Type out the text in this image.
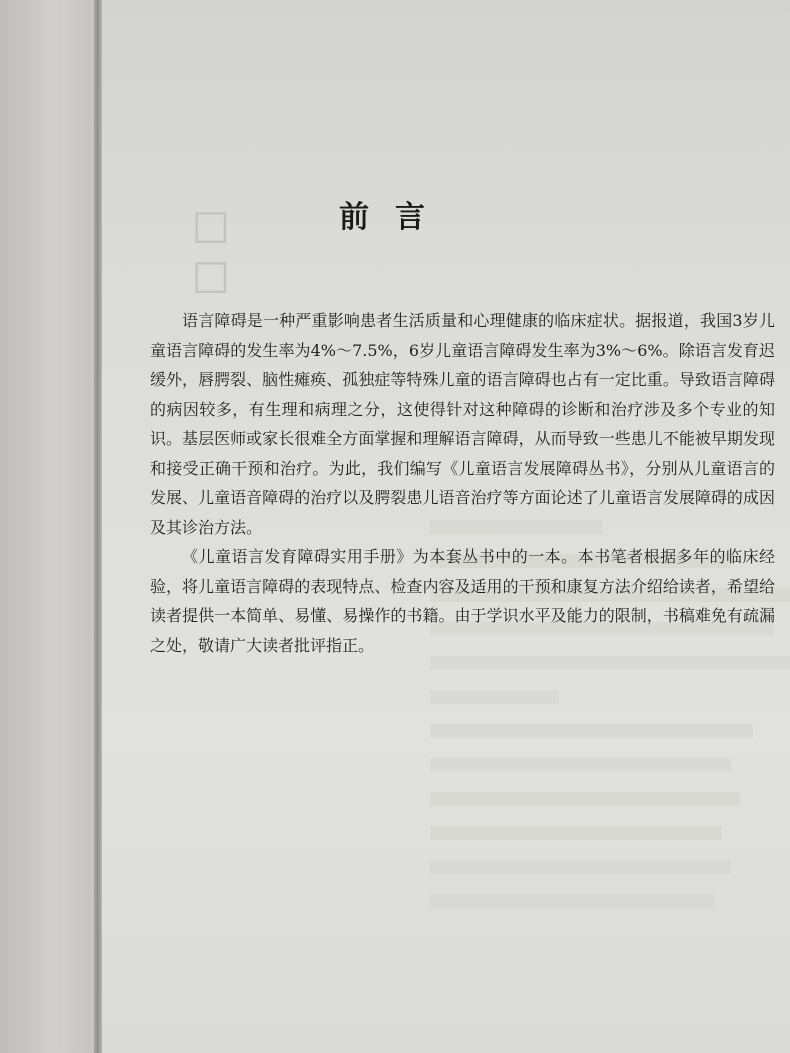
□
□
前言

语言障碍是一种严重影响患者生活质量和心理健康的临床症状。据报道，我国3岁儿童语言障碍的发生率为4%～7.5%，6岁儿童语言障碍发生率为3%～6%。除语言发育迟缓外，唇腭裂、脑性瘫痪、孤独症等特殊儿童的语言障碍也占有一定比重。导致语言障碍的病因较多，有生理和病理之分，这使得针对这种障碍的诊断和治疗涉及多个专业的知识。基层医师或家长很难全方面掌握和理解语言障碍，从而导致一些患儿不能被早期发现和接受正确干预和治疗。为此，我们编写《儿童语言发展障碍丛书》，分别从儿童语言的发展、儿童语音障碍的治疗以及腭裂患儿语音治疗等方面论述了儿童语言发展障碍的成因及其诊治方法。

《儿童语言发育障碍实用手册》为本套丛书中的一本。本书笔者根据多年的临床经验，将儿童语言障碍的表现特点、检查内容及适用的干预和康复方法介绍给读者，希望给读者提供一本简单、易懂、易操作的书籍。由于学识水平及能力的限制，书稿难免有疏漏之处，敬请广大读者批评指正。
